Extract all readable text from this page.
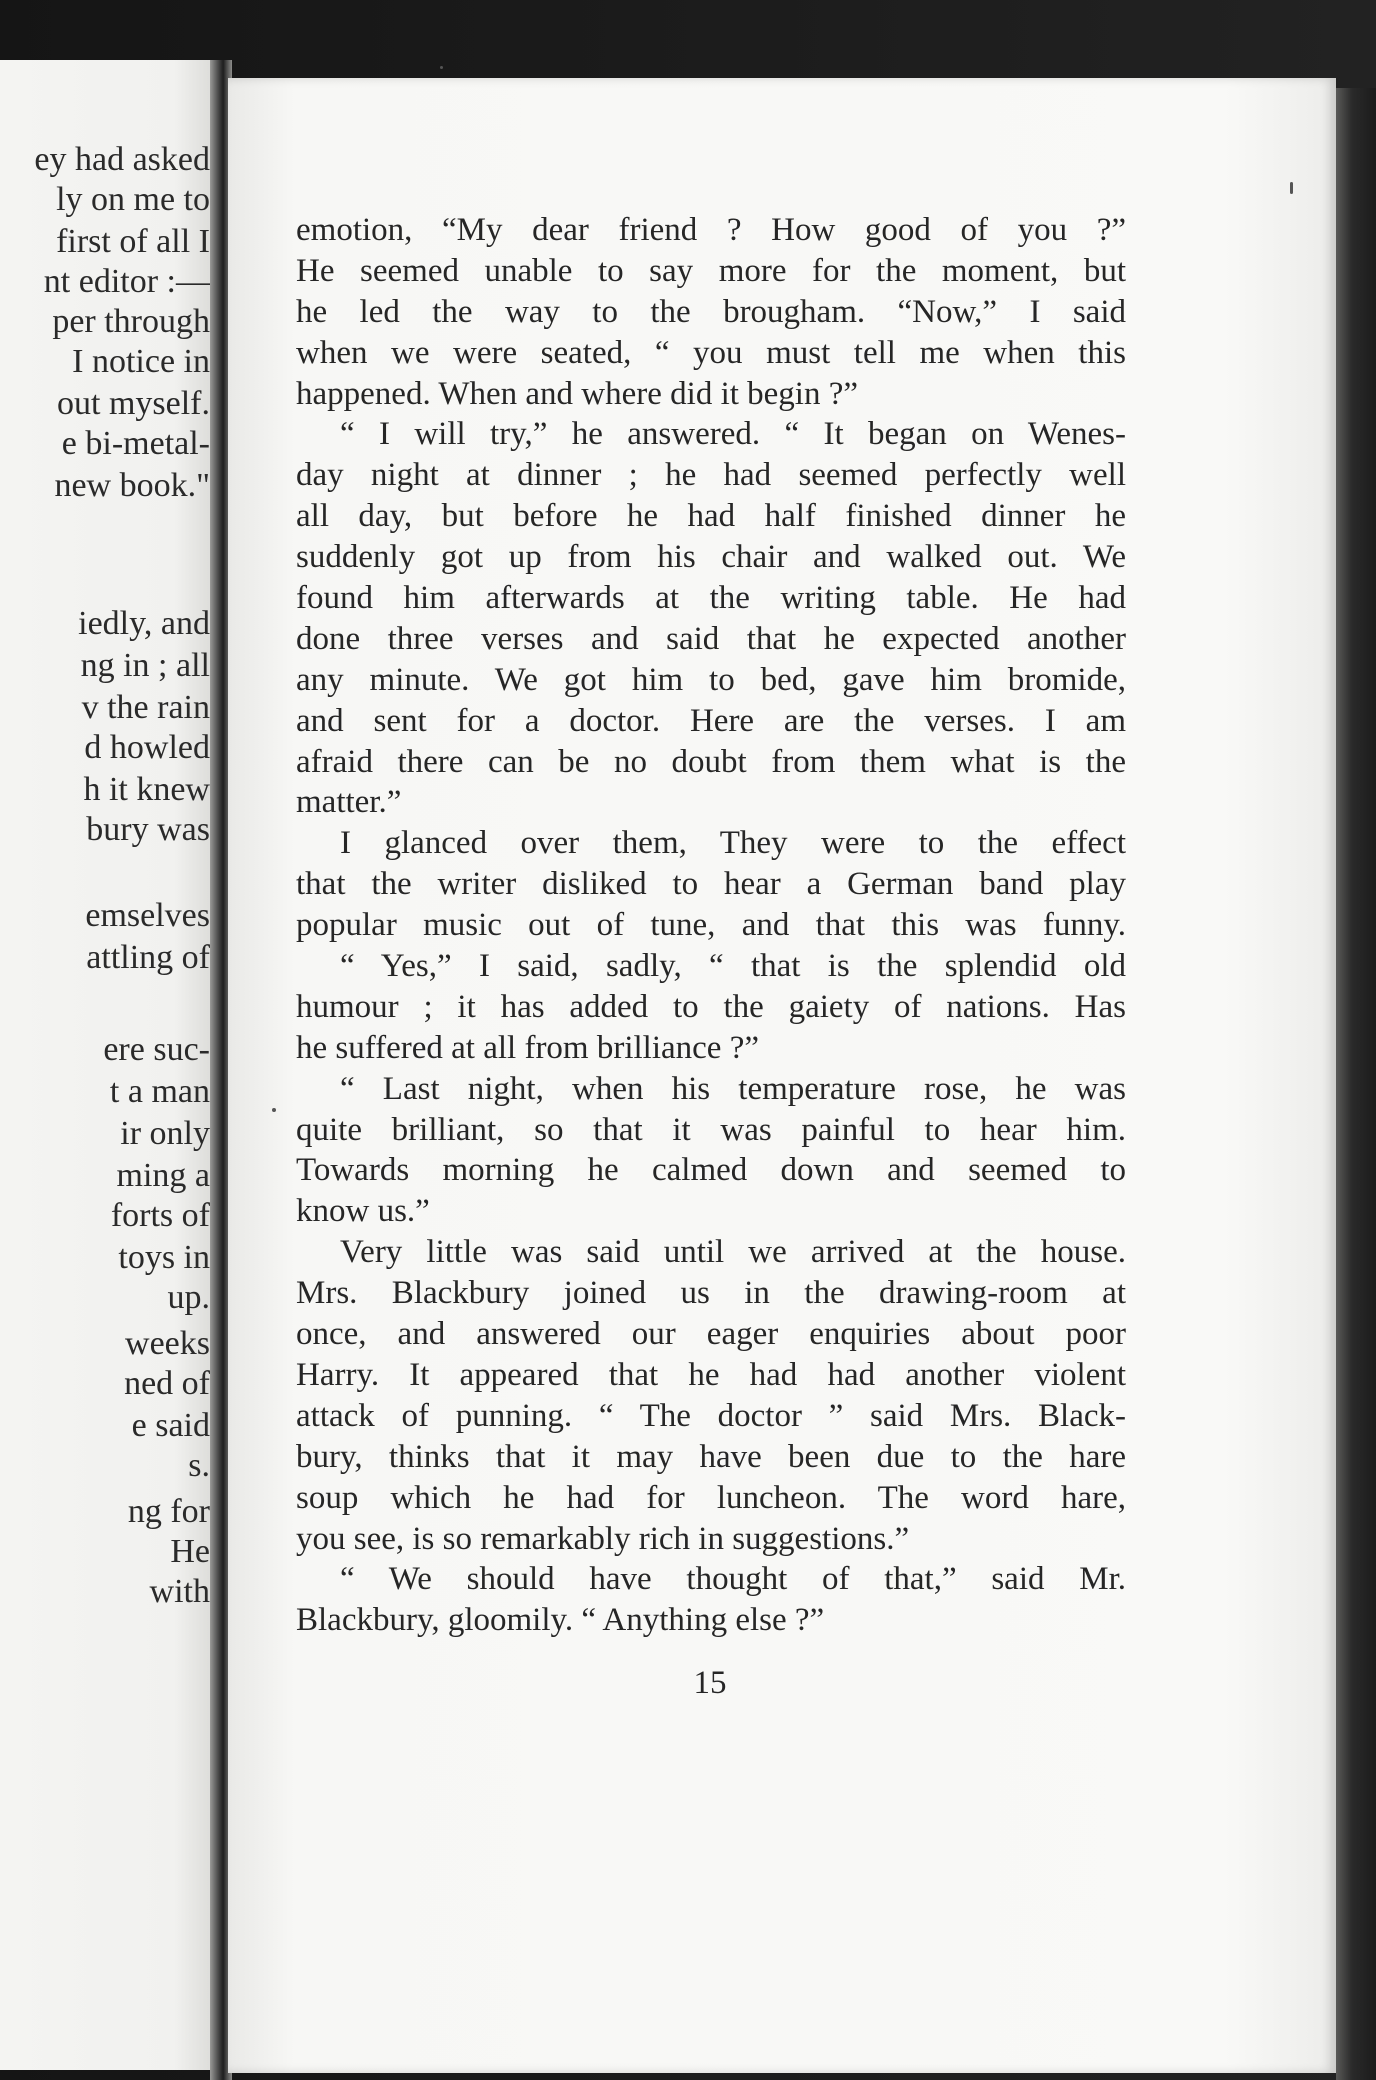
ey had asked
ly on me to
first of all I
nt editor :—
per through
I notice in
out myself.
e bi-metal-
new book."
iedly, and
ng in ; all
v the rain
d howled
h it knew
bury was
emselves
attling of
ere suc-
t a man
ir only
ming a
forts of
toys in
up.
weeks
ned of
e said
s.
ng for
He
with
emotion, “My dear friend ? How good of you ?”
He seemed unable to say more for the moment, but
he led the way to the brougham. “Now,” I said
when we were seated, “ you must tell me when this
happened. When and where did it begin ?”
“ I will try,” he answered. “ It began on Wenes-
day night at dinner ; he had seemed perfectly well
all day, but before he had half finished dinner he
suddenly got up from his chair and walked out. We
found him afterwards at the writing table. He had
done three verses and said that he expected another
any minute. We got him to bed, gave him bromide,
and sent for a doctor. Here are the verses. I am
afraid there can be no doubt from them what is the
matter.”
I glanced over them, They were to the effect
that the writer disliked to hear a German band play
popular music out of tune, and that this was funny.
“ Yes,” I said, sadly, “ that is the splendid old
humour ; it has added to the gaiety of nations. Has
he suffered at all from brilliance ?”
“ Last night, when his temperature rose, he was
quite brilliant, so that it was painful to hear him.
Towards morning he calmed down and seemed to
know us.”
Very little was said until we arrived at the house.
Mrs. Blackbury joined us in the drawing-room at
once, and answered our eager enquiries about poor
Harry. It appeared that he had had another violent
attack of punning. “ The doctor ” said Mrs. Black-
bury, thinks that it may have been due to the hare
soup which he had for luncheon. The word hare,
you see, is so remarkably rich in suggestions.”
“ We should have thought of that,” said Mr.
Blackbury, gloomily. “ Anything else ?”
15
